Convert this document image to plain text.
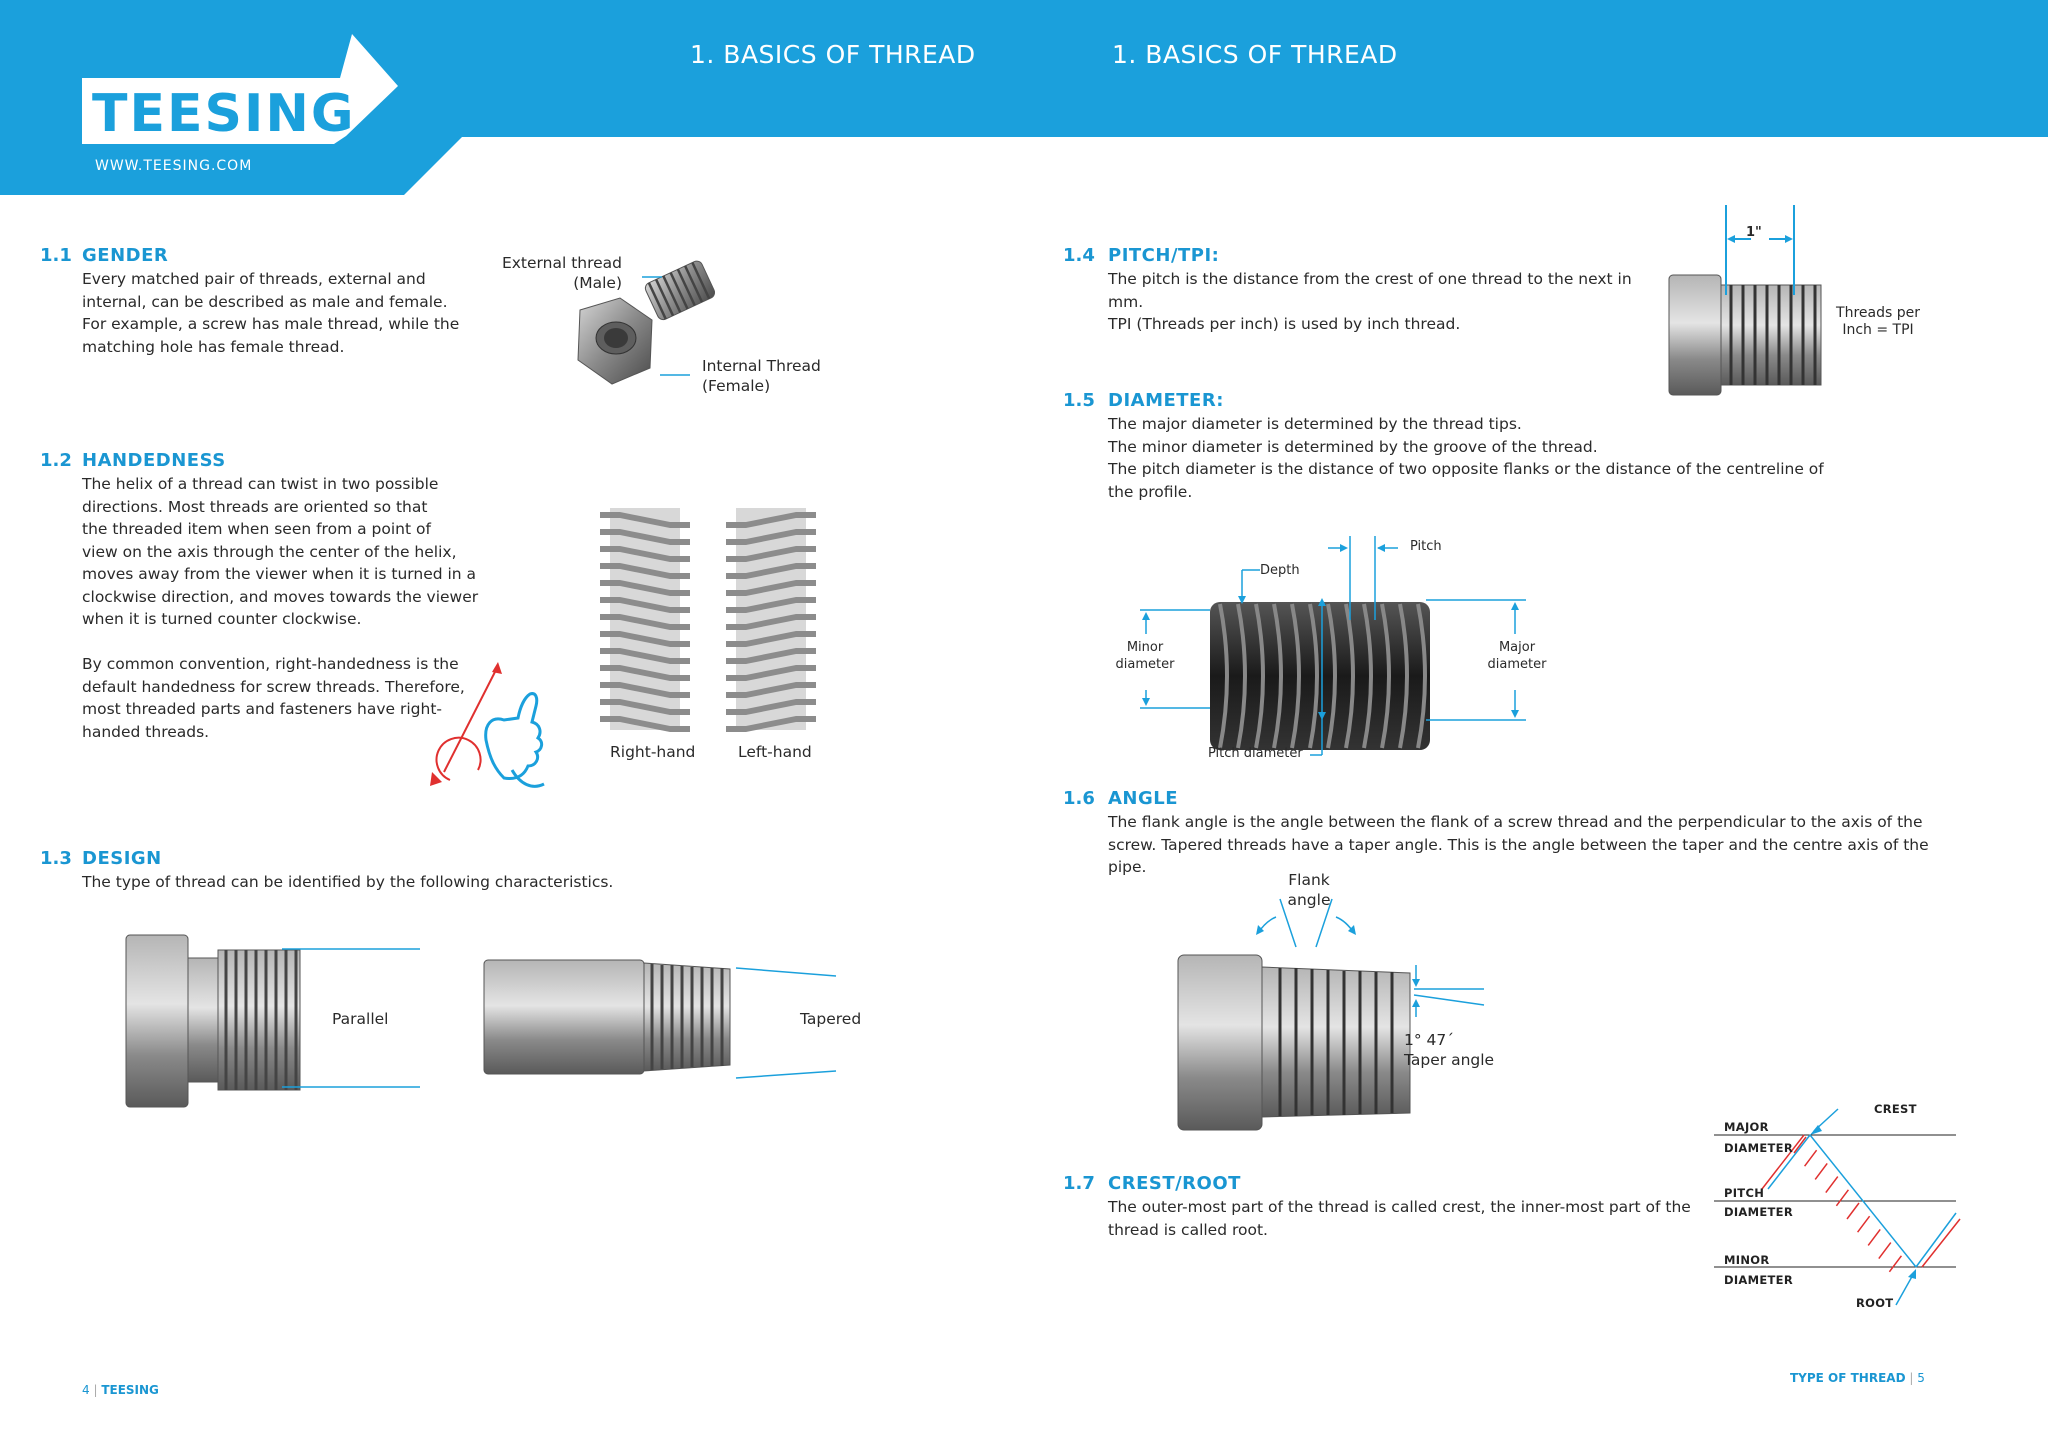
TEESING
WWW.TEESING.COM
1. BASICS OF THREAD	1. BASICS OF THREAD
1.1 GENDER
Every matched pair of threads, external and
internal, can be described as male and female.
For example, a screw has male thread, while the
matching hole has female thread.
External thread
(Male)
Internal Thread
(Female)
1.2 HANDEDNESS
The helix of a thread can twist in two possible
directions. Most threads are oriented so that
the threaded item when seen from a point of
view on the axis through the center of the helix,
moves away from the viewer when it is turned in a
clockwise direction, and moves towards the viewer
when it is turned counter clockwise.

By common convention, right-handedness is the
default handedness for screw threads. Therefore,
most threaded parts and fasteners have right-
handed threads.
Right-hand	Left-hand
1.3 DESIGN
The type of thread can be identified by the following characteristics.
Parallel	Tapered
1.4 PITCH/TPI:
The pitch is the distance from the crest of one thread to the next in
mm.
TPI (Threads per inch) is used by inch thread.
1"
Threads per
Inch = TPI
1.5 DIAMETER:
The major diameter is determined by the thread tips.
The minor diameter is determined by the groove of the thread.
The pitch diameter is the distance of two opposite flanks or the distance of the centreline of
the profile.
Pitch
Depth
Minor
diameter
Major
diameter
Pitch diameter
1.6 ANGLE
The flank angle is the angle between the flank of a screw thread and the perpendicular to the axis of the
screw. Tapered threads have a taper angle. This is the angle between the taper and the centre axis of the
pipe.
Flank
angle
1° 47´
Taper angle
1.7 CREST/ROOT
The outer-most part of the thread is called crest, the inner-most part of the
thread is called root.
CREST
MAJOR
DIAMETER
PITCH
DIAMETER
MINOR
DIAMETER
ROOT
4 | TEESING
TYPE OF THREAD | 5
